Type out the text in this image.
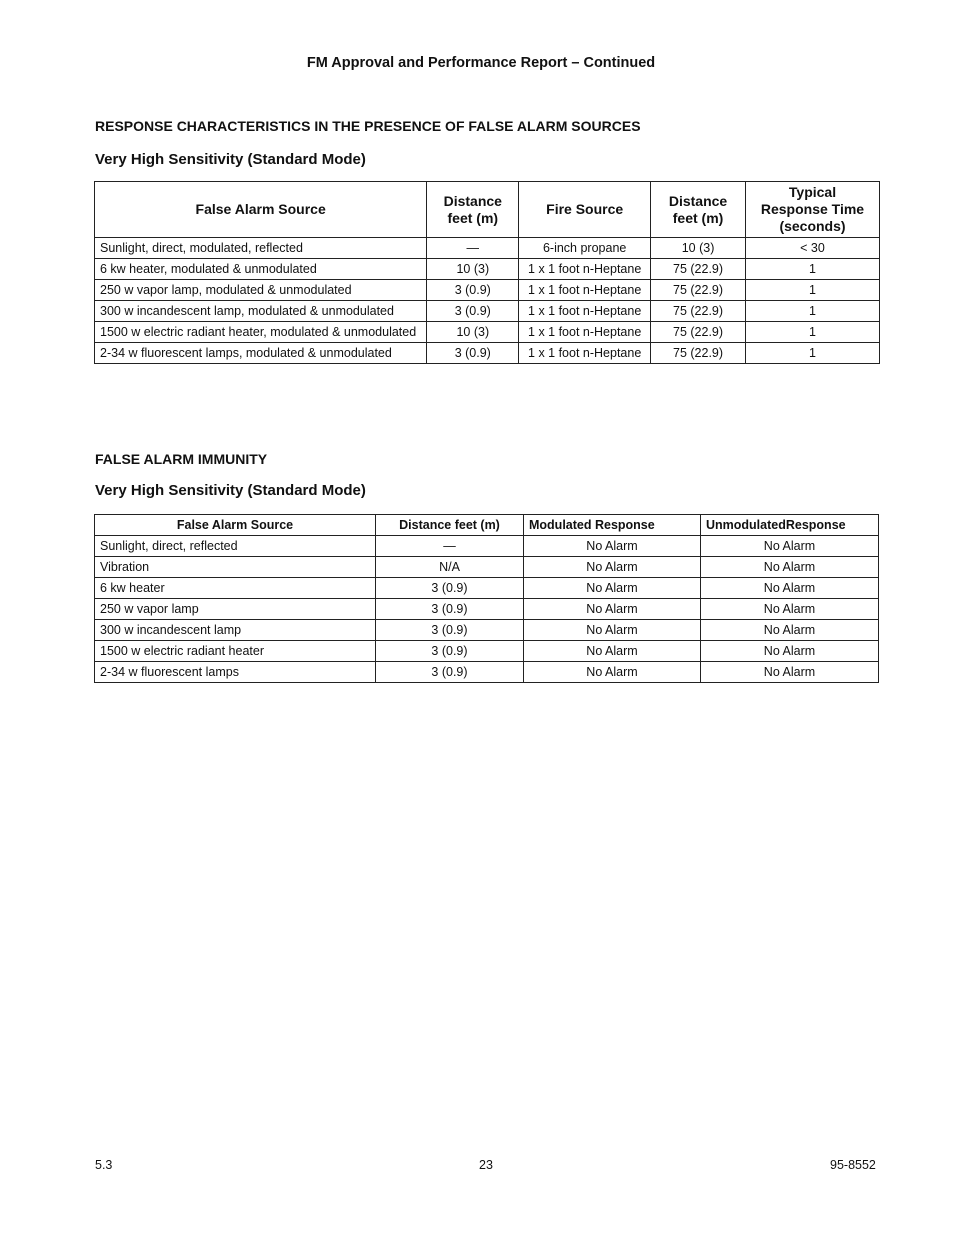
FM Approval and Performance Report – Continued
RESPONSE CHARACTERISTICS IN THE PRESENCE OF FALSE ALARM SOURCES
Very High Sensitivity (Standard Mode)
False Alarm Source	Distance feet (m)	Fire Source	Distance feet (m)	Typical Response Time (seconds)
Sunlight, direct, modulated, reflected	—	6-inch propane	10 (3)	< 30
6 kw heater, modulated & unmodulated	10 (3)	1 x 1 foot n-Heptane	75 (22.9)	1
250 w vapor lamp, modulated & unmodulated	3 (0.9)	1 x 1 foot n-Heptane	75 (22.9)	1
300 w incandescent lamp, modulated & unmodulated	3 (0.9)	1 x 1 foot n-Heptane	75 (22.9)	1
1500 w electric radiant heater, modulated & unmodulated	10 (3)	1 x 1 foot n-Heptane	75 (22.9)	1
2-34 w fluorescent lamps, modulated & unmodulated	3 (0.9)	1 x 1 foot n-Heptane	75 (22.9)	1
FALSE ALARM IMMUNITY
Very High Sensitivity (Standard Mode)
False Alarm Source	Distance feet (m)	Modulated Response	UnmodulatedResponse
Sunlight, direct, reflected	—	No Alarm	No Alarm
Vibration	N/A	No Alarm	No Alarm
6 kw heater	3 (0.9)	No Alarm	No Alarm
250 w vapor lamp	3 (0.9)	No Alarm	No Alarm
300 w incandescent lamp	3 (0.9)	No Alarm	No Alarm
1500 w electric radiant heater	3 (0.9)	No Alarm	No Alarm
2-34 w fluorescent lamps	3 (0.9)	No Alarm	No Alarm
5.3	23	95-8552
